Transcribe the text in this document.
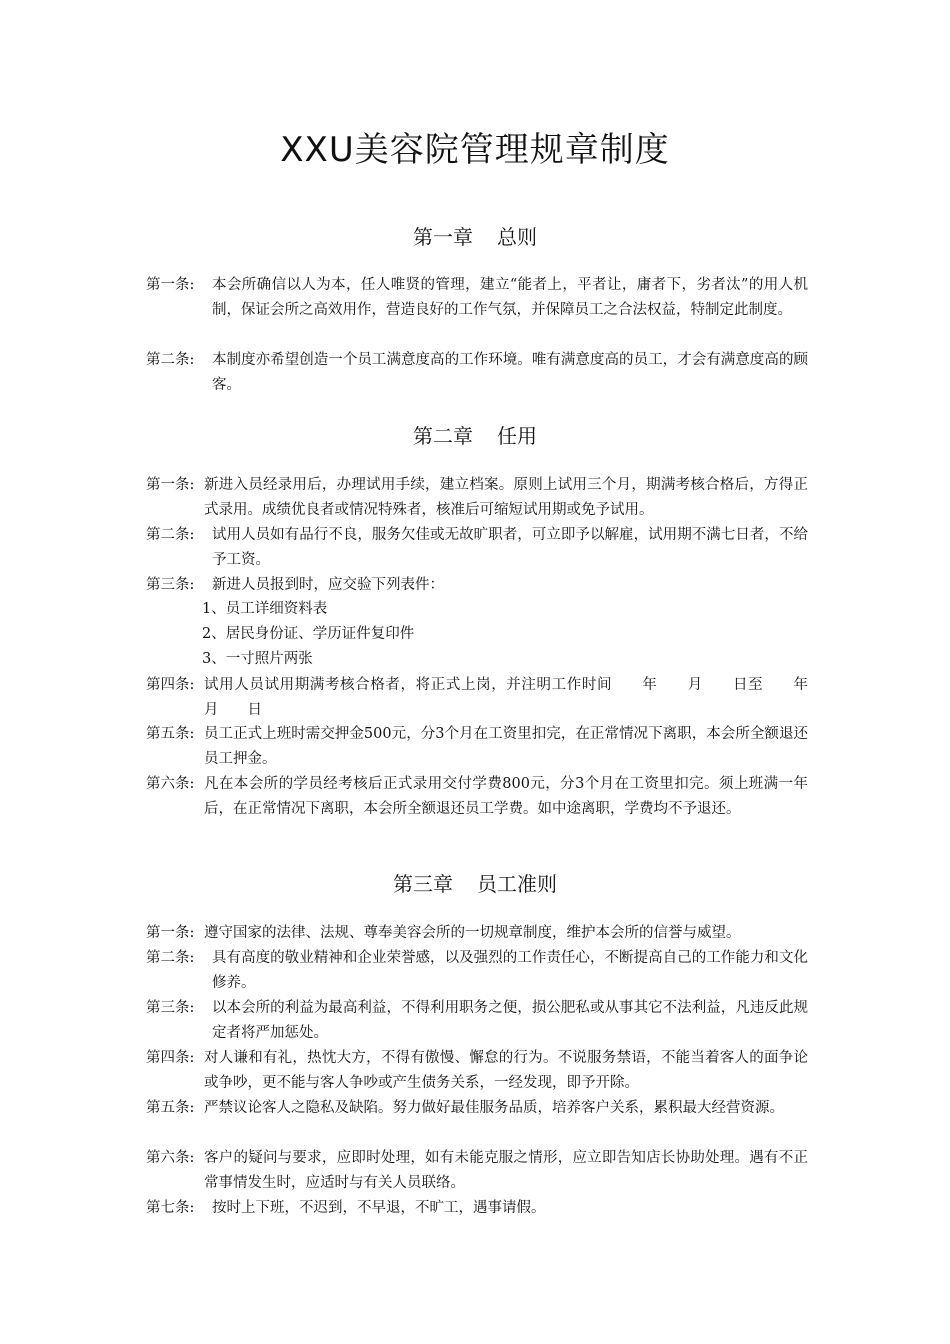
XXU美容院管理规章制度
第一章 总则
第一条:	本会所确信以人为本，任人唯贤的管理，建立“能者上，平者让，庸者下，劣者汰”的用人机制，保证会所之高效用作，营造良好的工作气氛，并保障员工之合法权益，特制定此制度。
第二条:	本制度亦希望创造一个员工满意度高的工作环境。唯有满意度高的员工，才会有满意度高的顾客。
第二章 任用
第一条: 新进入员经录用后，办理试用手续，建立档案。原则上试用三个月，期满考核合格后，方得正式录用。成绩优良者或情况特殊者，核准后可缩短试用期或免予试用。
第二条:	试用人员如有品行不良，服务欠佳或无故旷职者，可立即予以解雇，试用期不满七日者，不给予工资。
第三条:	新进人员报到时，应交验下列表件：
1、员工详细资料表
2、居民身份证、学历证件复印件
3、一寸照片两张
第四条: 试用人员试用期满考核合格者，将正式上岗，并注明工作时间　　年　　月　　日至　　年　　月　　日
第五条: 员工正式上班时需交押金500元，分3个月在工资里扣完，在正常情况下离职，本会所全额退还员工押金。
第六条: 凡在本会所的学员经考核后正式录用交付学费800元，分3个月在工资里扣完。须上班满一年后，在正常情况下离职，本会所全额退还员工学费。如中途离职，学费均不予退还。
第三章 员工准则
第一条: 遵守国家的法律、法规、尊奉美容会所的一切规章制度，维护本会所的信誉与威望。
第二条:	具有高度的敬业精神和企业荣誉感，以及强烈的工作责任心，不断提高自己的工作能力和文化修养。
第三条:	以本会所的利益为最高利益，不得利用职务之便，损公肥私或从事其它不法利益，凡违反此规定者将严加惩处。
第四条: 对人谦和有礼，热忱大方，不得有傲慢、懈怠的行为。不说服务禁语，不能当着客人的面争论或争吵，更不能与客人争吵或产生债务关系，一经发现，即予开除。
第五条: 严禁议论客人之隐私及缺陷。努力做好最佳服务品质，培养客户关系，累积最大经营资源。
第六条: 客户的疑问与要求，应即时处理，如有未能克服之情形，应立即告知店长协助处理。遇有不正常事情发生时，应适时与有关人员联络。
第七条:	按时上下班，不迟到，不早退，不旷工，遇事请假。
